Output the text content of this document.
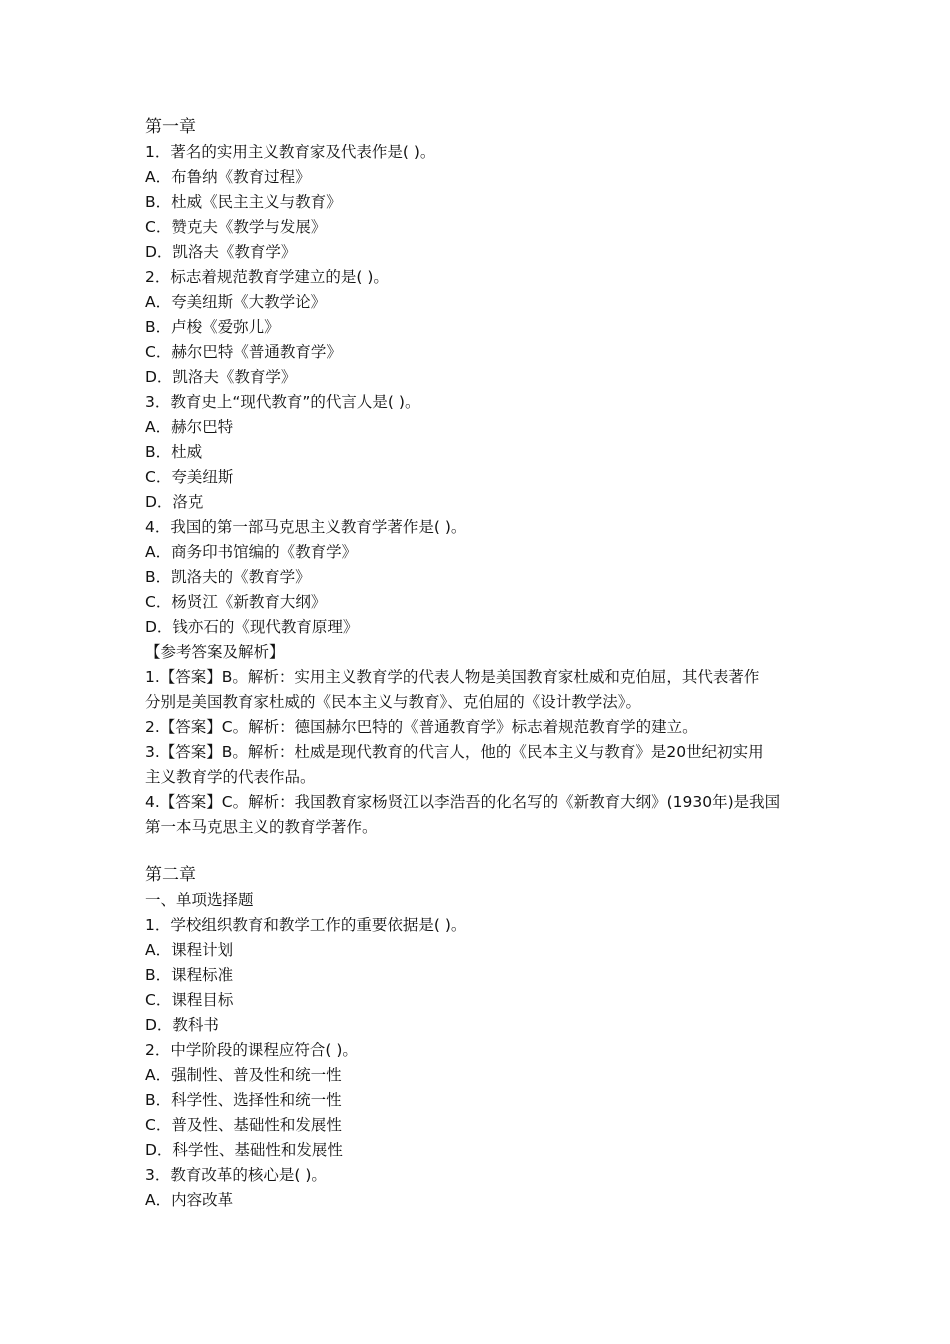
第一章
1．著名的实用主义教育家及代表作是( )。
A．布鲁纳《教育过程》
B．杜威《民主主义与教育》
C．赞克夫《教学与发展》
D．凯洛夫《教育学》
2．标志着规范教育学建立的是( )。
A．夸美纽斯《大教学论》
B．卢梭《爱弥儿》
C．赫尔巴特《普通教育学》
D．凯洛夫《教育学》
3．教育史上“现代教育”的代言人是( )。
A．赫尔巴特
B．杜威
C．夸美纽斯
D．洛克
4．我国的第一部马克思主义教育学著作是( )。
A．商务印书馆编的《教育学》
B．凯洛夫的《教育学》
C．杨贤江《新教育大纲》
D．钱亦石的《现代教育原理》
【参考答案及解析】
1.【答案】B。解析：实用主义教育学的代表人物是美国教育家杜威和克伯屈，其代表著作
分别是美国教育家杜威的《民本主义与教育》、克伯屈的《设计教学法》。
2.【答案】C。解析：德国赫尔巴特的《普通教育学》标志着规范教育学的建立。
3.【答案】B。解析：杜威是现代教育的代言人，他的《民本主义与教育》是20世纪初实用
主义教育学的代表作品。
4.【答案】C。解析：我国教育家杨贤江以李浩吾的化名写的《新教育大纲》(1930年)是我国
第一本马克思主义的教育学著作。
第二章
一、单项选择题
1．学校组织教育和教学工作的重要依据是( )。
A．课程计划
B．课程标准
C．课程目标
D．教科书
2．中学阶段的课程应符合( )。
A．强制性、普及性和统一性
B．科学性、选择性和统一性
C．普及性、基础性和发展性
D．科学性、基础性和发展性
3．教育改革的核心是( )。
A．内容改革
